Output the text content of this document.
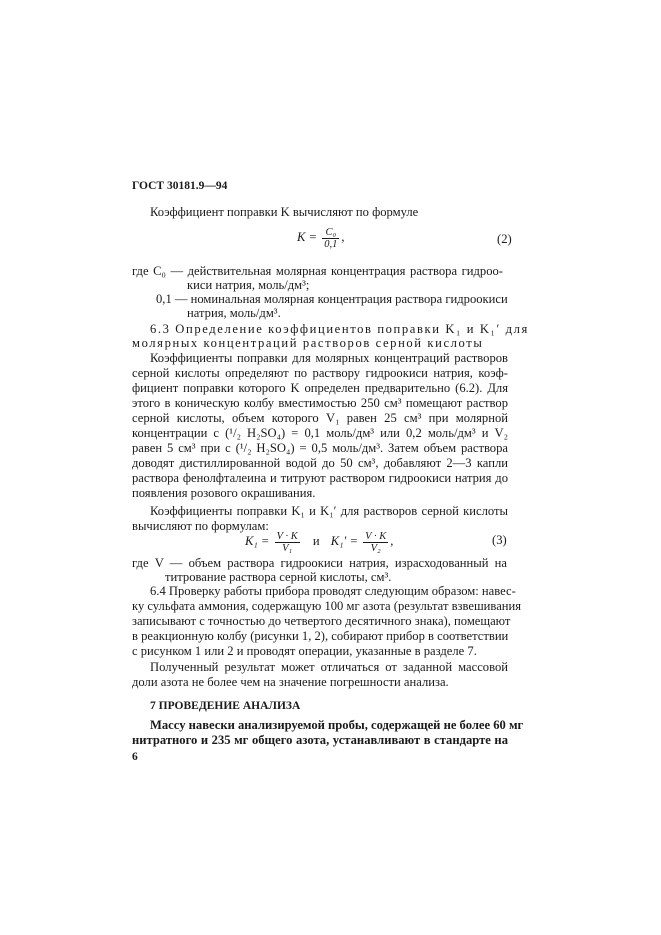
ГОСТ 30181.9—94
Коэффициент поправки K вычисляют по формуле
$K = \frac{\text{C₀}}{0,1}$ ,	(2)
где C₀ — действительная молярная концентрация раствора гидроо-
киси натрия, моль/дм³;
0,1 — номинальная молярная концентрация раствора гидроокиси
натрия, моль/дм³.
6.3 Определение коэффициентов поправки K₁ и K₁′ для
молярных концентраций растворов серной кислоты
Коэффициенты поправки для молярных концентраций растворов
серной кислоты определяют по раствору гидроокиси натрия, коэф-
фициент поправки которого K определен предварительно (6.2). Для
этого в коническую колбу вместимостью 250 см³ помещают раствор
серной кислоты, объем которого V₁ равен 25 см³ при молярной
концентрации c (¹/₂ H₂SO₄) = 0,1 моль/дм³ или 0,2 моль/дм³ и V₂
равен 5 см³ при c (¹/₂ H₂SO₄) = 0,5 моль/дм³. Затем объем раствора
доводят дистиллированной водой до 50 см³, добавляют 2—3 капли
раствора фенолфталеина и титруют раствором гидроокиси натрия до
появления розового окрашивания.
Коэффициенты поправки K₁ и K₁′ для растворов серной кислоты
вычисляют по формулам:
$K_1 = \frac{V \cdot K}{\text{V₁}}$ и $K_1' = \frac{V \cdot K}{\text{V₂}}$ ,	(3)
где V — объем раствора гидроокиси натрия, израсходованный на
титрование раствора серной кислоты, см³.
6.4 Проверку работы прибора проводят следующим образом: навес-
ку сульфата аммония, содержащую 100 мг азота (результат взвешивания
записывают с точностью до четвертого десятичного знака), помещают
в реакционную колбу (рисунки 1, 2), собирают прибор в соответствии
с рисунком 1 или 2 и проводят операции, указанные в разделе 7.
Полученный результат может отличаться от заданной массовой
доли азота не более чем на значение погрешности анализа.
7 ПРОВЕДЕНИЕ АНАЛИЗА
Массу навески анализируемой пробы, содержащей не более 60 мг
нитратного и 235 мг общего азота, устанавливают в стандарте на
6
